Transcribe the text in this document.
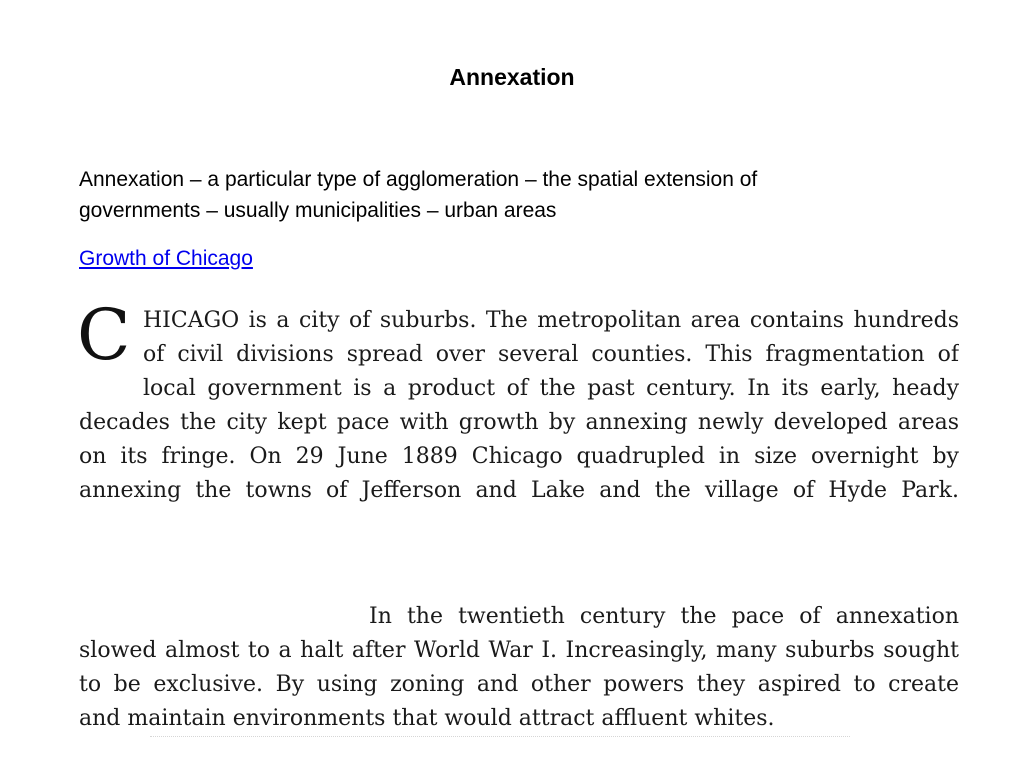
Annexation
Annexation – a particular type of agglomeration – the spatial extension of governments – usually municipalities – urban areas
Growth of Chicago
C HICAGO is a city of suburbs. The metropolitan area contains hundreds

of civil divisions spread over several counties. This fragmentation of

local government is a product of the past century. In its early, heady

decades the city kept pace with growth by annexing newly developed areas

on its fringe. On 29 June 1889 Chicago quadrupled in size overnight by

annexing the towns of Jefferson and Lake and the village of Hyde Park.

In the twentieth century the pace of annexation

slowed almost to a halt after World War I. Increasingly, many suburbs sought

to be exclusive. By using zoning and other powers they aspired to create

and maintain environments that would attract affluent whites.
